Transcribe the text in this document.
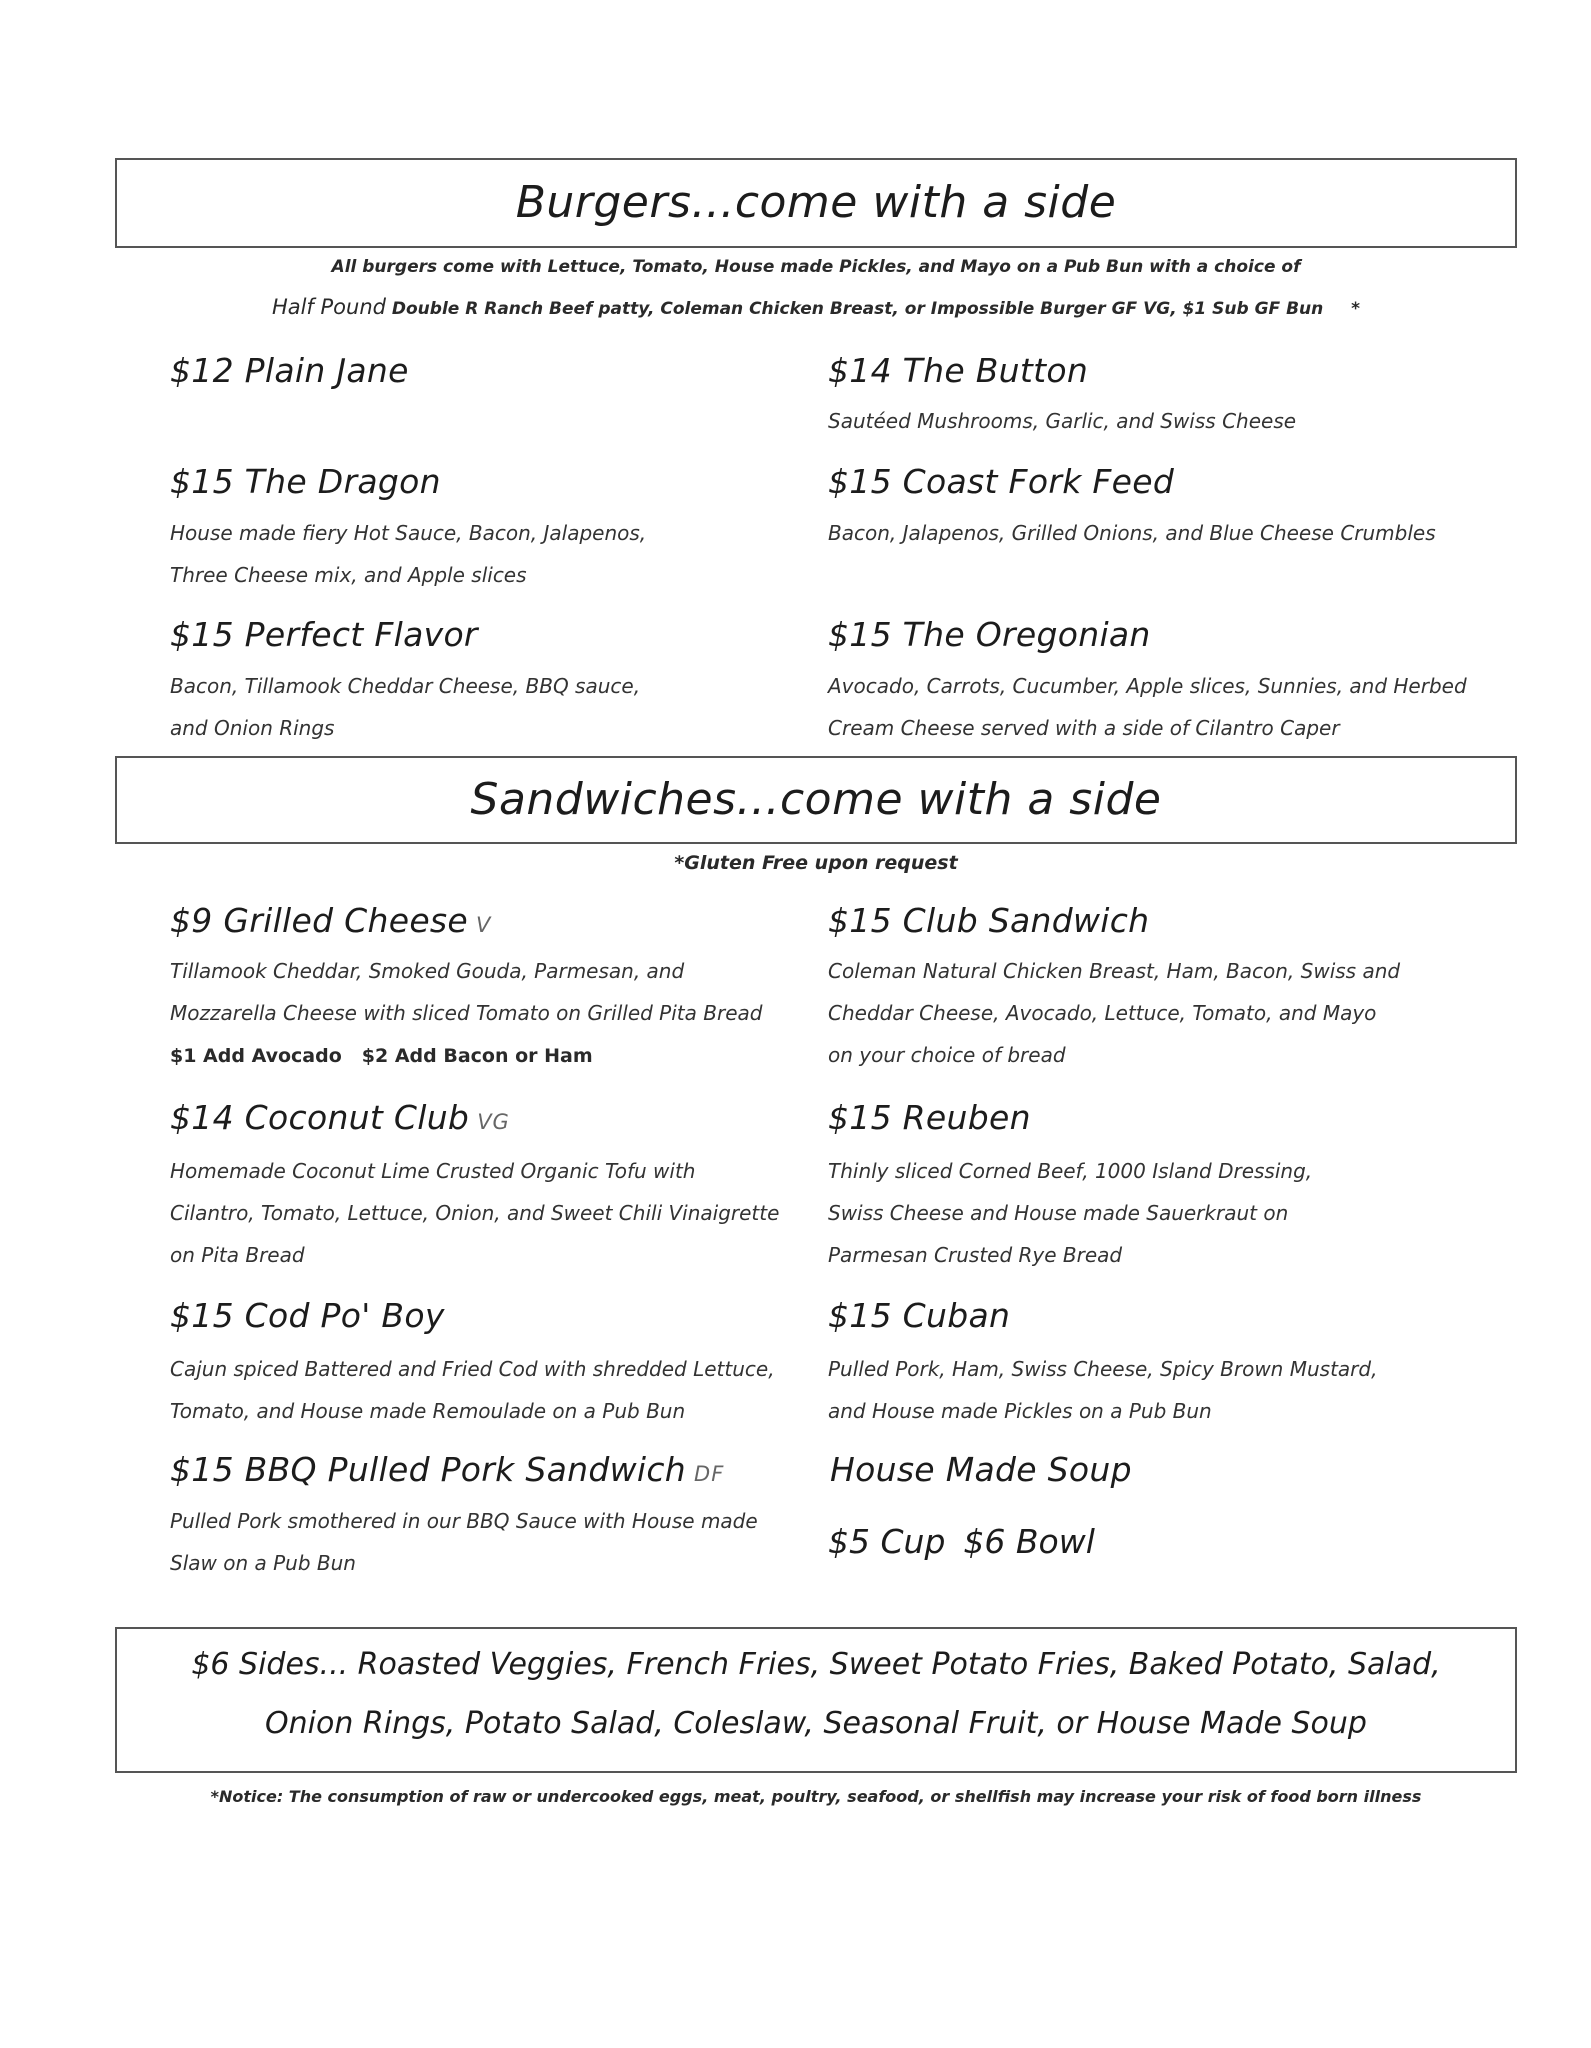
Burgers...come with a side
All burgers come with Lettuce, Tomato, House made Pickles, and Mayo on a Pub Bun with a choice of
Half Pound Double R Ranch Beef patty, Coleman Chicken Breast, or Impossible Burger GF VG, $1 Sub GF Bun *
$12 Plain Jane	$14 The Button
Sautéed Mushrooms, Garlic, and Swiss Cheese
$15 The Dragon
House made fiery Hot Sauce, Bacon, Jalapenos,
Three Cheese mix, and Apple slices
$15 Coast Fork Feed
Bacon, Jalapenos, Grilled Onions, and Blue Cheese Crumbles
$15 Perfect Flavor
Bacon, Tillamook Cheddar Cheese, BBQ sauce,
and Onion Rings
$15 The Oregonian
Avocado, Carrots, Cucumber, Apple slices, Sunnies, and Herbed
Cream Cheese served with a side of Cilantro Caper
Sandwiches...come with a side
*Gluten Free upon request
$9 Grilled Cheese V
Tillamook Cheddar, Smoked Gouda, Parmesan, and
Mozzarella Cheese with sliced Tomato on Grilled Pita Bread
$1 Add Avocado $2 Add Bacon or Ham
$15 Club Sandwich
Coleman Natural Chicken Breast, Ham, Bacon, Swiss and
Cheddar Cheese, Avocado, Lettuce, Tomato, and Mayo
on your choice of bread
$14 Coconut Club VG
Homemade Coconut Lime Crusted Organic Tofu with
Cilantro, Tomato, Lettuce, Onion, and Sweet Chili Vinaigrette
on Pita Bread
$15 Reuben
Thinly sliced Corned Beef, 1000 Island Dressing,
Swiss Cheese and House made Sauerkraut on
Parmesan Crusted Rye Bread
$15 Cod Po' Boy
Cajun spiced Battered and Fried Cod with shredded Lettuce,
Tomato, and House made Remoulade on a Pub Bun
$15 Cuban
Pulled Pork, Ham, Swiss Cheese, Spicy Brown Mustard,
and House made Pickles on a Pub Bun
$15 BBQ Pulled Pork Sandwich DF
Pulled Pork smothered in our BBQ Sauce with House made
Slaw on a Pub Bun
House Made Soup
$5 Cup $6 Bowl
$6 Sides... Roasted Veggies, French Fries, Sweet Potato Fries, Baked Potato, Salad,
Onion Rings, Potato Salad, Coleslaw, Seasonal Fruit, or House Made Soup
*Notice: The consumption of raw or undercooked eggs, meat, poultry, seafood, or shellfish may increase your risk of food born illness
